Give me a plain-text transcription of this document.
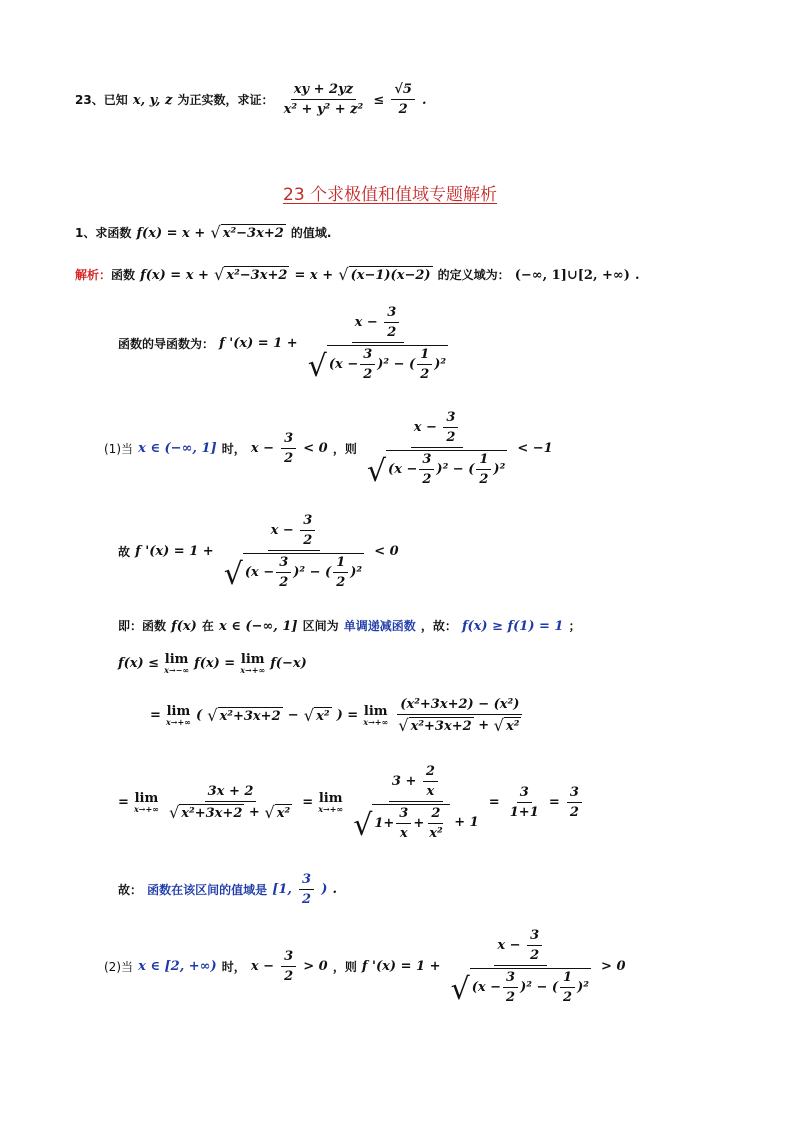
23、已知 x, y, z 为正实数，求证： $\frac{xy + 2yz}{\text{x² + y² + z²}} \le \frac{√5}{2}$ .
23 个求极值和值域专题解析
1、求函数 f(x) = x + √ x²−3x+2 的值域.
解析：函数 f(x) = x + √ x²−3x+2 = x + √ (x−1)(x−2) 的定义域为： (−∞, 1]∪[2, +∞) .
函数的导函数为： f '$(x) = 1 + \frac{x - \frac{3}{2}}{√ (x - \frac{3}{2} )^2 - ( \frac{1}{2} )^2}$
(1)当 x ∈ (−∞, 1] 时， $x - \frac{3}{2} < 0$ ，则 $\frac{x - \frac{3}{2}}{√ (x - \frac{3}{2} )^2 - ( \frac{1}{2} )^2} < -1$
故 f '$(x) = 1 + \frac{x - \frac{3}{2}}{√ (x - \frac{3}{2} )^2 - ( \frac{1}{2} )^2} < 0$
即：函数 f(x) 在 x ∈ (−∞, 1] 区间为 单调递减函数 ，故： f(x) ≥ f(1) = 1 ；
f(x) ≤ lim
x→−∞ f(x) = lim
x→+∞ f(−x)
= lim
x→+∞ ( √ x²+3x+2 − √ x² ) = lim
x→+∞
$\frac{\text{(x²+3x+2) − (x²)}}{\text{√ x²+3x+2 + √ x²}}$
= lim
x→+∞
$\frac{3x + 2}{\text{√ x²+3x+2 + √ x²}} = \lim$
x→+∞
$\frac{3 + \frac{2}{x}}{√ 1+ \frac{3}{x} + \frac{2}{\text{x²}} + 1} = \frac{3}{1+1} = \frac{3}{2}$
故： 函数在该区间的值域是 [1, $\frac{3}{2}$ ) .
(2)当 x ∈ [2, +∞) 时， $x - \frac{3}{2} > 0$ ，则 f '$(x) = 1 + \frac{x - \frac{3}{2}}{√ (x - \frac{3}{2} )^2 - ( \frac{1}{2} )^2} > 0$
